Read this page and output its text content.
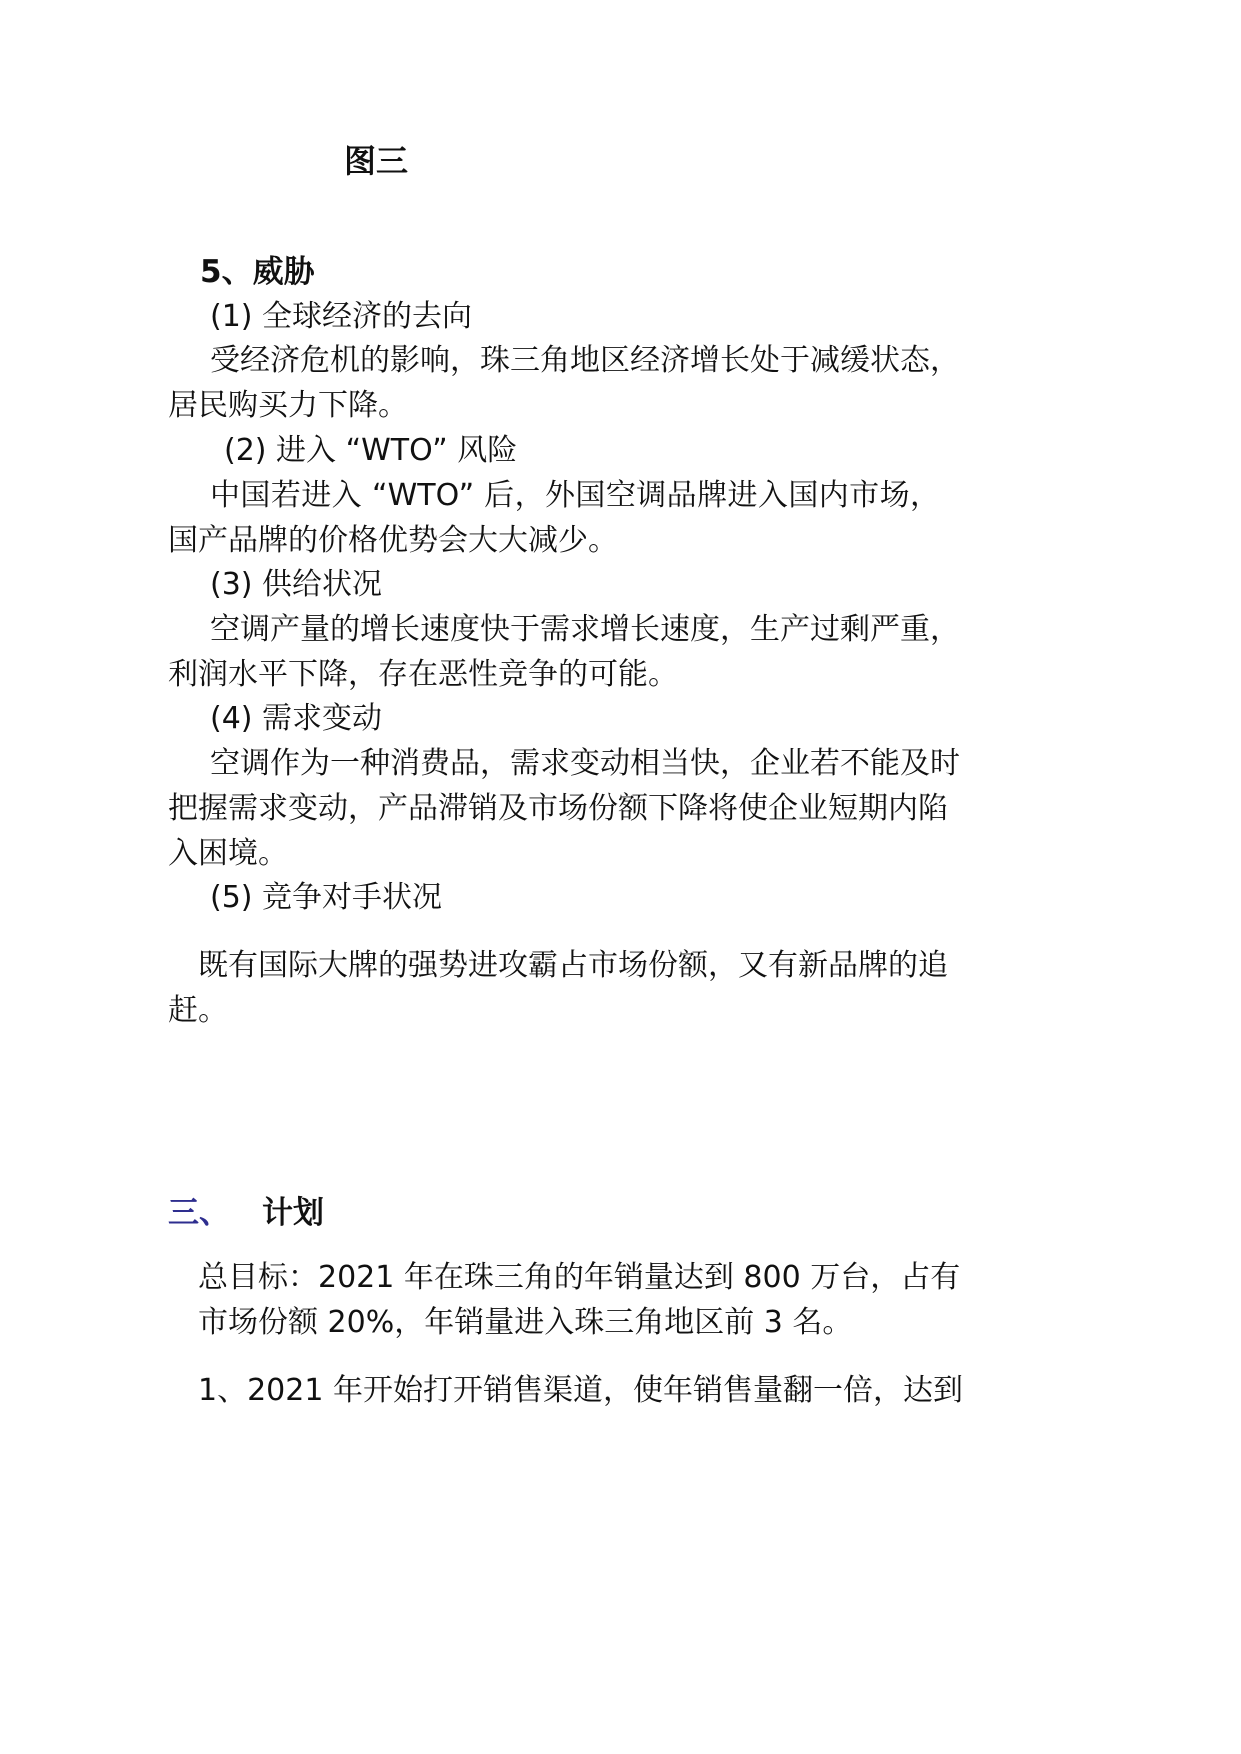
图三
5、威胁
(1) 全球经济的去向
受经济危机的影响，珠三角地区经济增长处于减缓状态，
居民购买力下降。
(2) 进入 “WTO” 风险
中国若进入 “WTO” 后，外国空调品牌进入国内市场，
国产品牌的价格优势会大大减少。
(3) 供给状况
空调产量的增长速度快于需求增长速度，生产过剩严重，
利润水平下降，存在恶性竞争的可能。
(4) 需求变动
空调作为一种消费品，需求变动相当快，企业若不能及时
把握需求变动，产品滞销及市场份额下降将使企业短期内陷
入困境。
(5) 竞争对手状况
既有国际大牌的强势进攻霸占市场份额，又有新品牌的追
赶。
三、 计划
总目标：2021 年在珠三角的年销量达到 800 万台，占有
市场份额 20%，年销量进入珠三角地区前 3 名。
1、2021 年开始打开销售渠道，使年销售量翻一倍，达到
